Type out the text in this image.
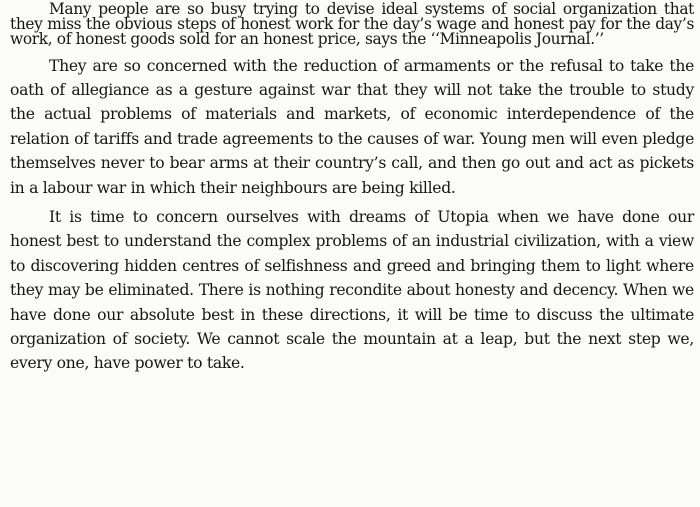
Many people are so busy trying to devise ideal systems of social organization that they miss the obvious steps of honest work for the day’s wage and honest pay for the day’s work, of honest goods sold for an honest price, says the ‘‘Minneapolis Journal.’’

They are so concerned with the reduction of armaments or the refusal to take the oath of allegiance as a gesture against war that they will not take the trouble to study the actual problems of materials and markets, of economic interdependence of the relation of tariffs and trade agreements to the causes of war. Young men will even pledge themselves never to bear arms at their country’s call, and then go out and act as pickets in a labour war in which their neighbours are being killed.

It is time to concern ourselves with dreams of Utopia when we have done our honest best to understand the complex problems of an industrial civilization, with a view to discovering hidden centres of selfishness and greed and bringing them to light where they may be eliminated. There is nothing recondite about honesty and decency. When we have done our absolute best in these directions, it will be time to discuss the ultimate organization of society. We cannot scale the mountain at a leap, but the next step we, every one, have power to take.
